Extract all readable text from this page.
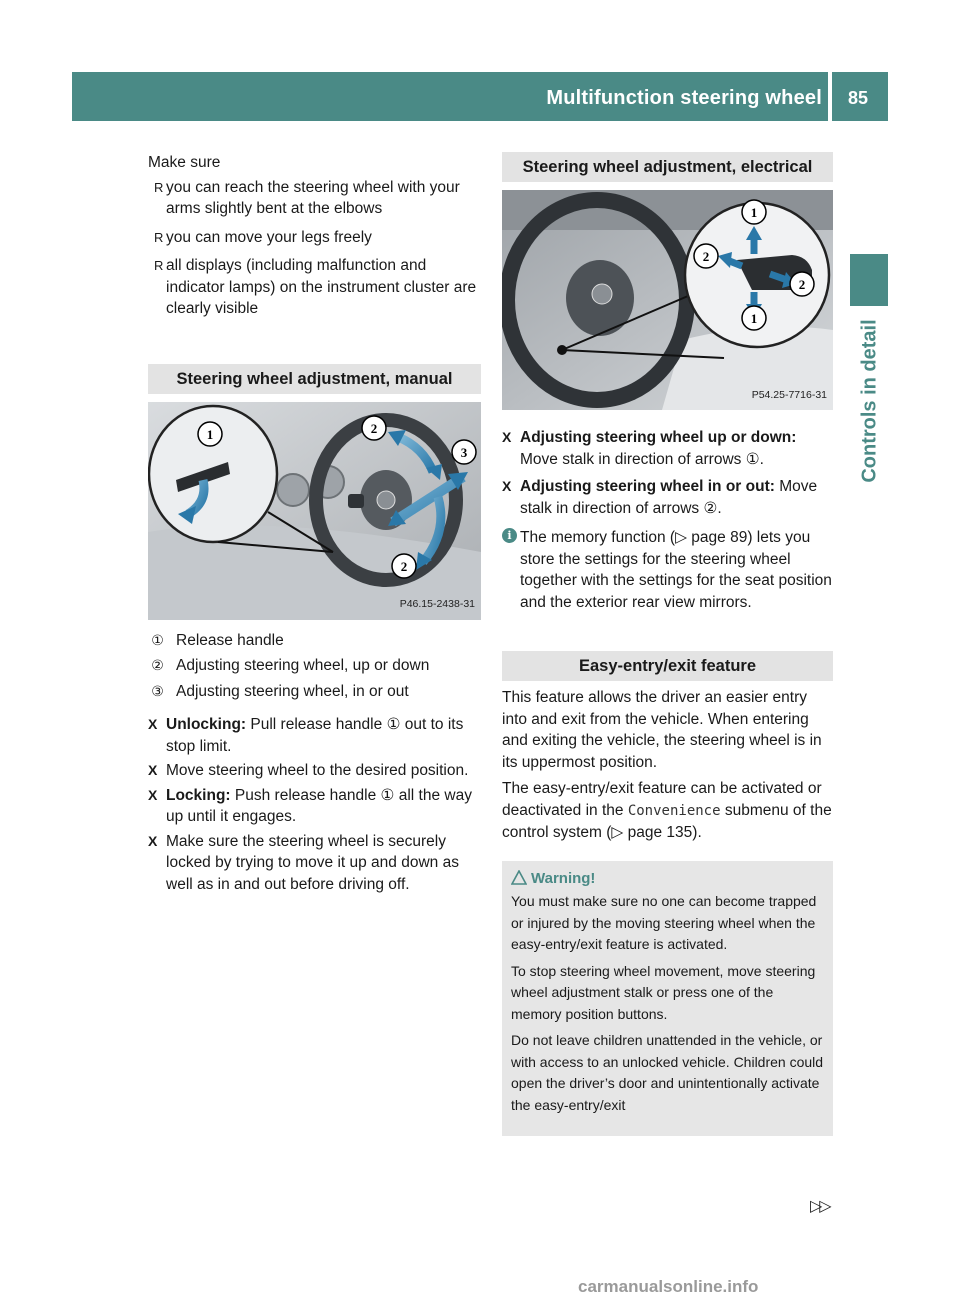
Multifunction steering wheel	85
Controls in detail
Make sure
R you can reach the steering wheel with your arms slightly bent at the elbows
R you can move your legs freely
R all displays (including malfunction and indicator lamps) on the instrument cluster are clearly visible
Steering wheel adjustment, manual
1	2
3
2
P46.15-2438-31
① Release handle
② Adjusting steering wheel, up or down
③ Adjusting steering wheel, in or out
X Unlocking: Pull release handle ① out to its stop limit.
X Move steering wheel to the desired position.
X Locking: Push release handle ① all the way up until it engages.
X Make sure the steering wheel is securely locked by trying to move it up and down as well as in and out before driving off.
Steering wheel adjustment, electrical
1
2
2
1
P54.25-7716-31
X Adjusting steering wheel up or down: Move stalk in direction of arrows ①.
X Adjusting steering wheel in or out: Move stalk in direction of arrows ②.
i The memory function (▷ page 89) lets you store the settings for the steering wheel together with the settings for the seat position and the exterior rear view mirrors.
Easy-entry/exit feature
This feature allows the driver an easier entry into and exit from the vehicle. When entering and exiting the vehicle, the steering wheel is in its uppermost position.
The easy-entry/exit feature can be activated or deactivated in the Convenience submenu of the control system (▷ page 135).
Warning!

You must make sure no one can become trapped or injured by the moving steering wheel when the easy-entry/exit feature is activated.

To stop steering wheel movement, move steering wheel adjustment stalk or press one of the memory position buttons.

Do not leave children unattended in the vehicle, or with access to an unlocked vehicle. Children could open the driver’s door and unintentionally activate the easy-entry/exit

▷▷
carmanualsonline.info
